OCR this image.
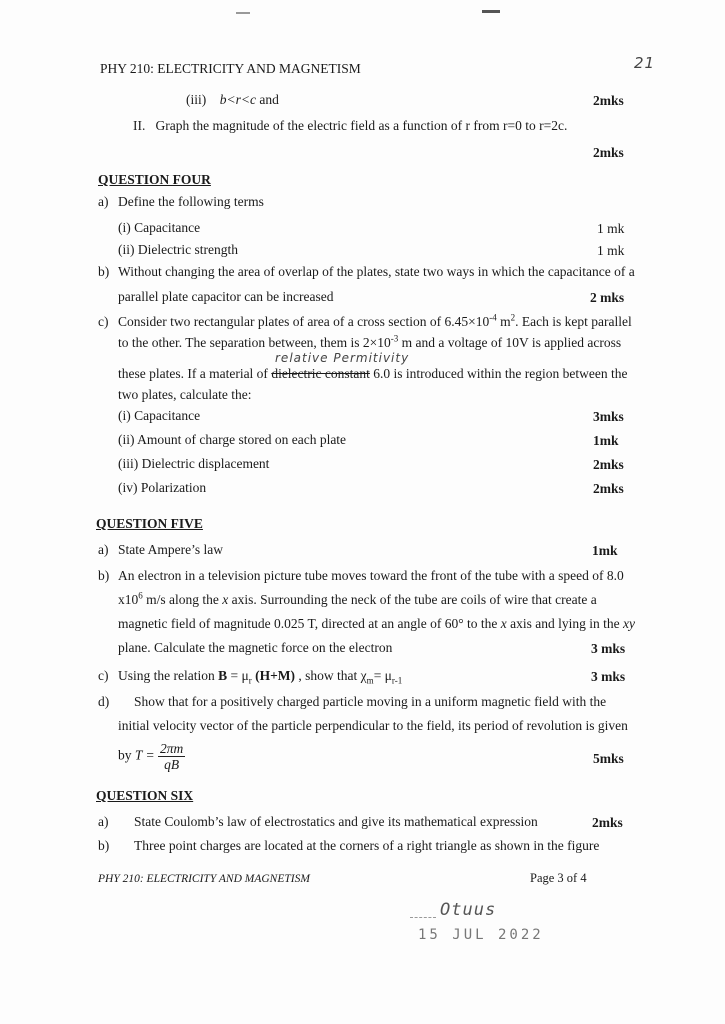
PHY 210: ELECTRICITY AND MAGNETISM	21
(iii) b<r<c and	2mks
II. Graph the magnitude of the electric field as a function of r from r=0 to r=2c.
2mks
QUESTION FOUR
a) Define the following terms
(i) Capacitance	1 mk
(ii) Dielectric strength	1 mk
b) Without changing the area of overlap of the plates, state two ways in which the capacitance of a
parallel plate capacitor can be increased	2 mks
c) Consider two rectangular plates of area of a cross section of $6.45\times 10^{-4}$ $m^2$. Each is kept parallel
to the other. The separation between, them is $2\times 10^{-3}$ m and a voltage of 10V is applied across
relative Permitivity
these plates. If a material of dielectric constant 6.0 is introduced within the region between the
two plates, calculate the:
(i) Capacitance	3mks
(ii) Amount of charge stored on each plate	1mk
(iii) Dielectric displacement	2mks
(iv) Polarization	2mks
QUESTION FIVE
a) State Ampere’s law	1mk
b) An electron in a television picture tube moves toward the front of the tube with a speed of 8.0
$x10^6$ m/s along the x axis. Surrounding the neck of the tube are coils of wire that create a
magnetic field of magnitude 0.025 T, directed at an angle of 60° to the x axis and lying in the xy
plane. Calculate the magnetic force on the electron	3 mks
c) Using the relation $B = \mu_r$ (H+M) , show that $\chi_m= \mu_{r-1}$	3 mks
d) Show that for a positively charged particle moving in a uniform magnetic field with the
initial velocity vector of the particle perpendicular to the field, its period of revolution is given
by $T = \frac{2\pi m}{qB}$	5mks
QUESTION SIX
a) State Coulomb’s law of electrostatics and give its mathematical expression	2mks
b) Three point charges are located at the corners of a right triangle as shown in the figure
PHY 210: ELECTRICITY AND MAGNETISM	Page 3 of 4
Otuus
15 JUL 2022
